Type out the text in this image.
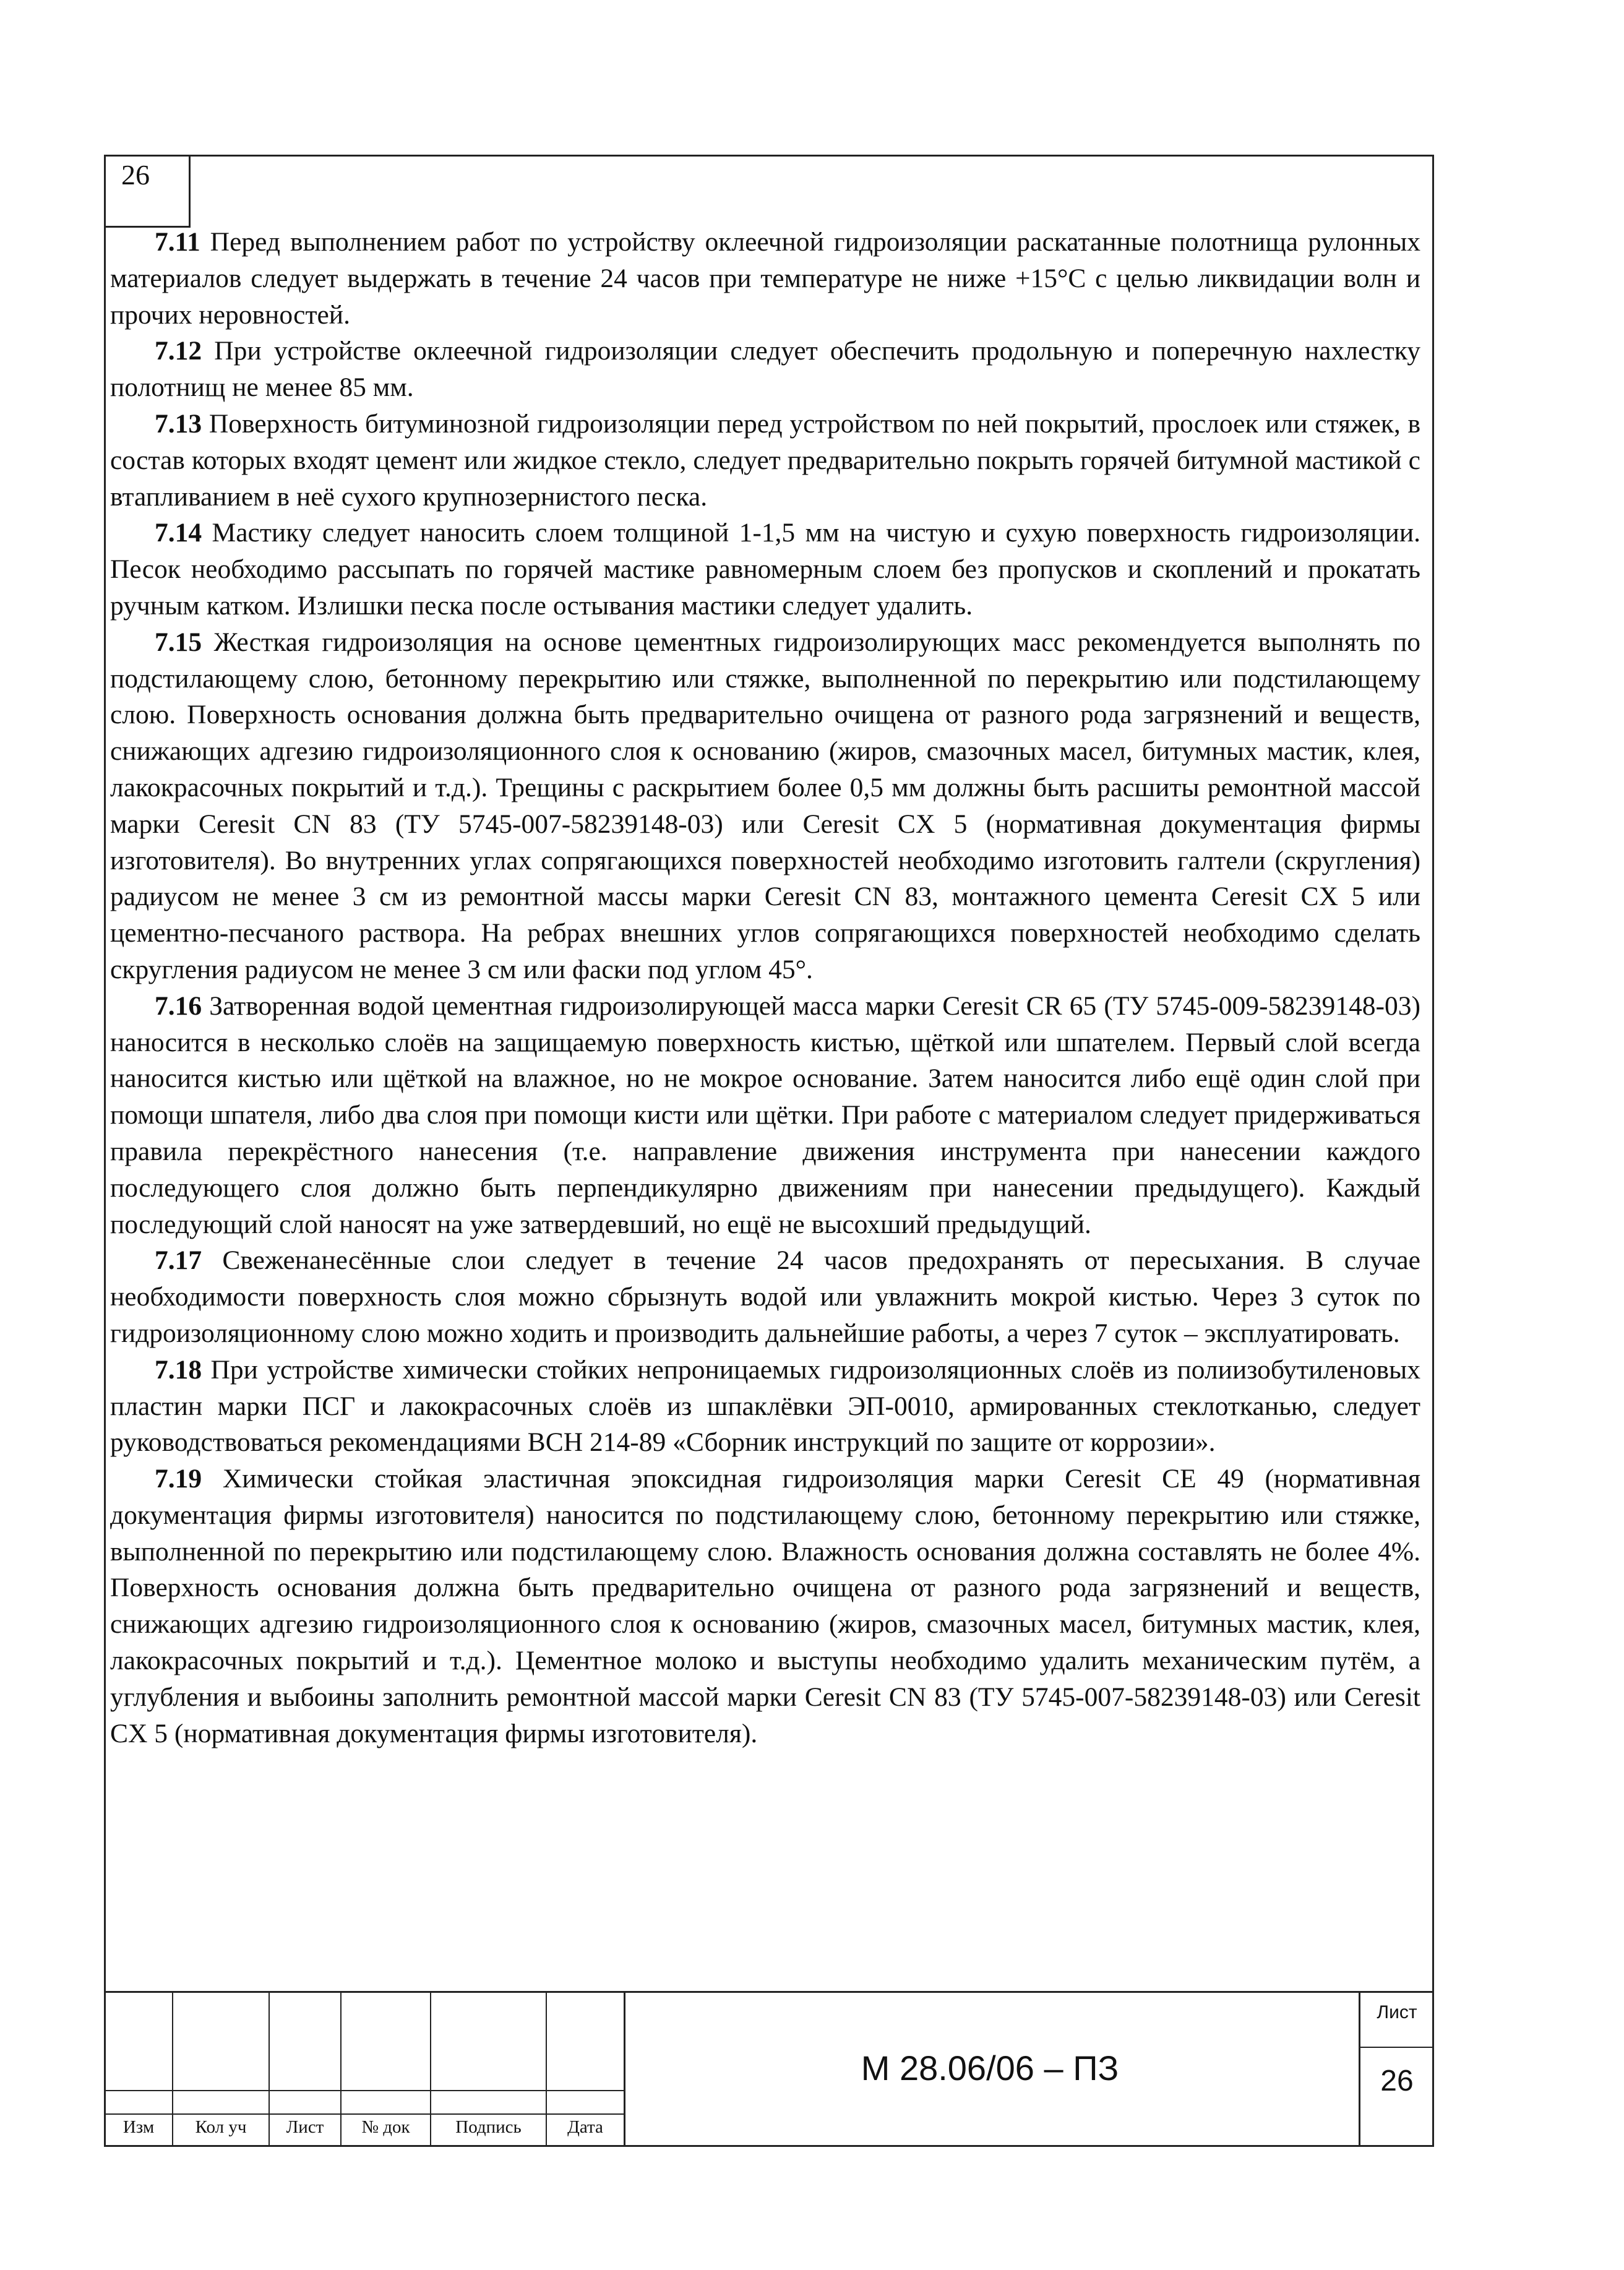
26

7.11 Перед выполнением работ по устройству оклеечной гидроизоляции раскатанные полотнища рулонных материалов следует выдержать в течение 24 часов при температуре не ниже +15°С с целью ликвидации волн и прочих неровностей.

7.12 При устройстве оклеечной гидроизоляции следует обеспечить продольную и поперечную нахлестку полотнищ не менее 85 мм.

7.13 Поверхность битуминозной гидроизоляции перед устройством по ней покрытий, прослоек или стяжек, в состав которых входят цемент или жидкое стекло, следует предварительно покрыть горячей битумной мастикой с втапливанием в неё сухого крупнозернистого песка.

7.14 Мастику следует наносить слоем толщиной 1-1,5 мм на чистую и сухую поверхность гидроизоляции. Песок необходимо рассыпать по горячей мастике равномерным слоем без пропусков и скоплений и прокатать ручным катком. Излишки песка после остывания мастики следует удалить.

7.15 Жесткая гидроизоляция на основе цементных гидроизолирующих масс рекомендуется выполнять по подстилающему слою, бетонному перекрытию или стяжке, выполненной по перекрытию или подстилающему слою. Поверхность основания должна быть предварительно очищена от разного рода загрязнений и веществ, снижающих адгезию гидроизоляционного слоя к основанию (жиров, смазочных масел, битумных мастик, клея, лакокрасочных покрытий и т.д.). Трещины с раскрытием более 0,5 мм должны быть расшиты ремонтной массой марки Ceresit CN 83 (ТУ 5745-007-58239148-03) или Ceresit CX 5 (нормативная документация фирмы изготовителя). Во внутренних углах сопрягающихся поверхностей необходимо изготовить галтели (скругления) радиусом не менее 3 см из ремонтной массы марки Ceresit CN 83, монтажного цемента Ceresit CX 5 или цементно-песчаного раствора. На ребрах внешних углов сопрягающихся поверхностей необходимо сделать скругления радиусом не менее 3 см или фаски под углом 45°.

7.16 Затворенная водой цементная гидроизолирующей масса марки Ceresit CR 65 (ТУ 5745-009-58239148-03) наносится в несколько слоёв на защищаемую поверхность кистью, щёткой или шпателем. Первый слой всегда наносится кистью или щёткой на влажное, но не мокрое основание. Затем наносится либо ещё один слой при помощи шпателя, либо два слоя при помощи кисти или щётки. При работе с материалом следует придерживаться правила перекрёстного нанесения (т.е. направление движения инструмента при нанесении каждого последующего слоя должно быть перпендикулярно движениям при нанесении предыдущего). Каждый последующий слой наносят на уже затвердевший, но ещё не высохший предыдущий.

7.17 Свеженанесённые слои следует в течение 24 часов предохранять от пересыхания. В случае необходимости поверхность слоя можно сбрызнуть водой или увлажнить мокрой кистью. Через 3 суток по гидроизоляционному слою можно ходить и производить дальнейшие работы, а через 7 суток – эксплуатировать.

7.18 При устройстве химически стойких непроницаемых гидроизоляционных слоёв из полиизобутиленовых пластин марки ПСГ и лакокрасочных слоёв из шпаклёвки ЭП-0010, армированных стеклотканью, следует руководствоваться рекомендациями ВСН 214-89 «Сборник инструкций по защите от коррозии».

7.19 Химически стойкая эластичная эпоксидная гидроизоляция марки Ceresit CE 49 (нормативная документация фирмы изготовителя) наносится по подстилающему слою, бетонному перекрытию или стяжке, выполненной по перекрытию или подстилающему слою. Влажность основания должна составлять не более 4%. Поверхность основания должна быть предварительно очищена от разного рода загрязнений и веществ, снижающих адгезию гидроизоляционного слоя к основанию (жиров, смазочных масел, битумных мастик, клея, лакокрасочных покрытий и т.д.). Цементное молоко и выступы необходимо удалить механическим путём, а углубления и выбоины заполнить ремонтной массой марки Ceresit CN 83 (ТУ 5745-007-58239148-03) или Ceresit CX 5 (нормативная документация фирмы изготовителя).

Изм	Кол уч	Лист	№ док	Подпись	Дата
М 28.06/06 – ПЗ
Лист
26
